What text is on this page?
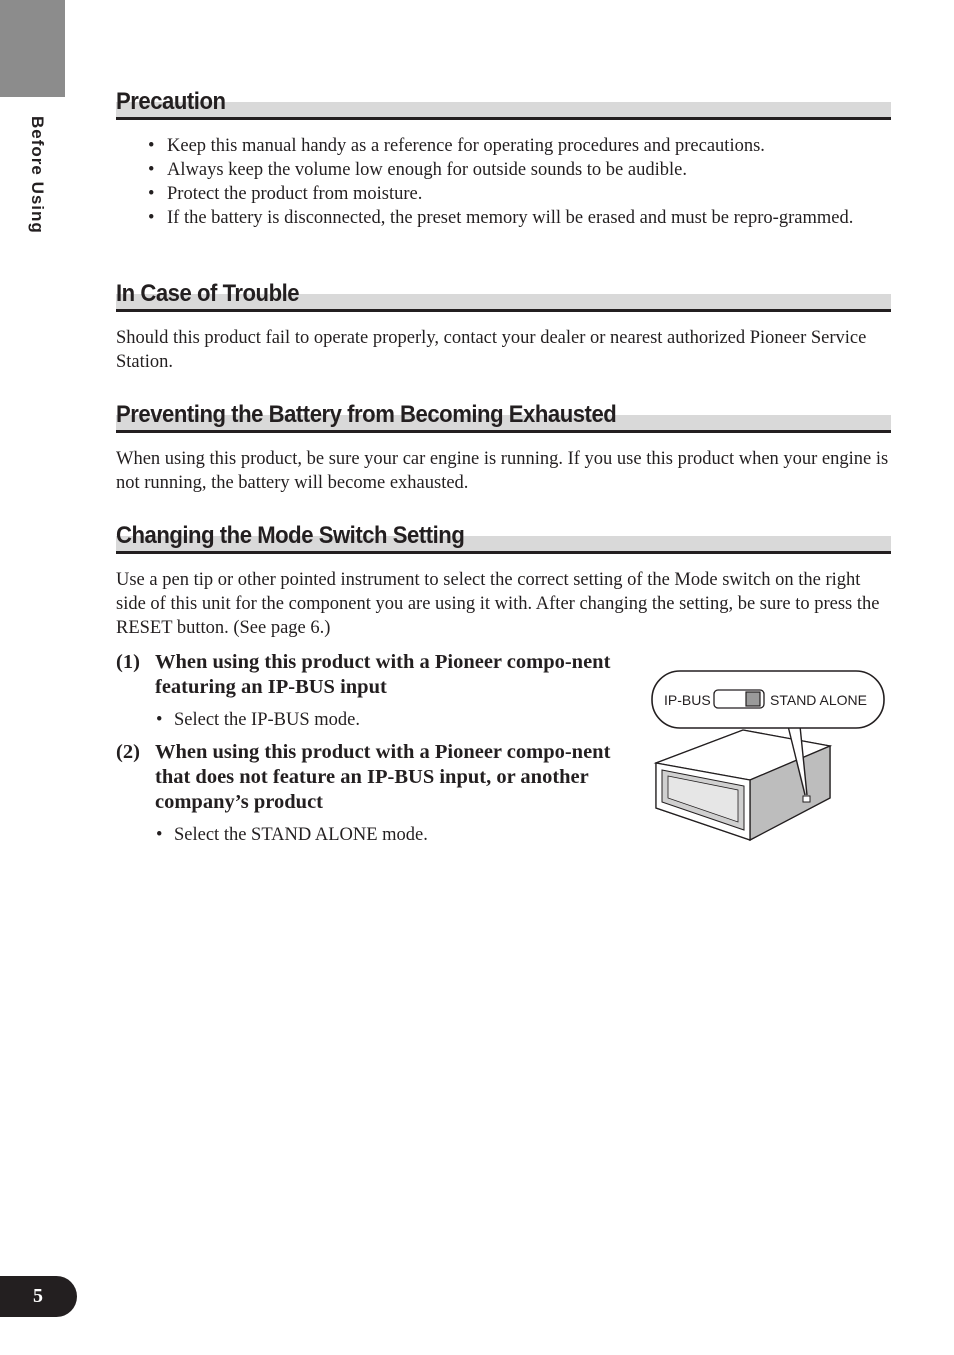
Before Using
Precaution
• Keep this manual handy as a reference for operating procedures and precautions.
• Always keep the volume low enough for outside sounds to be audible.
• Protect the product from moisture.
• If the battery is disconnected, the preset memory will be erased and must be repro-grammed.
In Case of Trouble

Should this product fail to operate properly, contact your dealer or nearest authorized Pioneer Service Station.

Preventing the Battery from Becoming Exhausted

When using this product, be sure your car engine is running. If you use this product when your engine is not running, the battery will become exhausted.

Changing the Mode Switch Setting

Use a pen tip or other pointed instrument to select the correct setting of the Mode switch on the right side of this unit for the component you are using it with. After changing the setting, be sure to press the RESET button. (See page 6.)

(1) When using this product with a Pioneer compo-nent featuring an IP-BUS input
• Select the IP-BUS mode.
(2) When using this product with a Pioneer compo-nent that does not feature an IP-BUS input, or another company’s product
• Select the STAND ALONE mode.
IP-BUS	STAND ALONE
5
